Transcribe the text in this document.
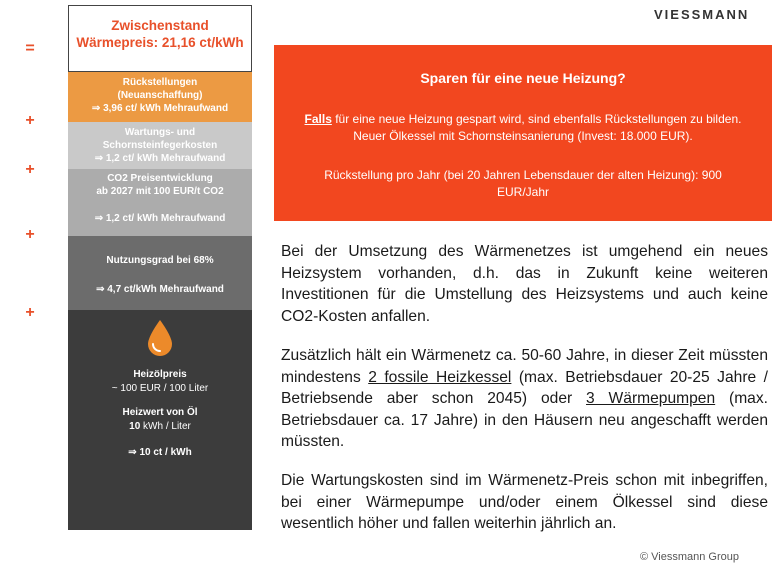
VIESSMANN
=
+
+
+
+
Zwischenstand
Wärmepreis: 21,16 ct/kWh
Rückstellungen
(Neuanschaffung)
⇒ 3,96 ct/ kWh Mehraufwand
Wartungs- und
Schornsteinfegerkosten
⇒ 1,2 ct/ kWh Mehraufwand
CO2 Preisentwicklung
ab 2027 mit 100 EUR/t CO2
⇒ 1,2 ct/ kWh Mehraufwand
Nutzungsgrad bei 68%
⇒ 4,7 ct/kWh Mehraufwand
Heizölpreis
~ 100 EUR / 100 Liter
Heizwert von Öl
10 kWh / Liter
⇒ 10 ct / kWh
Sparen für eine neue Heizung?
Falls für eine neue Heizung gespart wird, sind ebenfalls Rückstellungen zu bilden. Neuer Ölkessel mit Schornsteinsanierung (Invest: 18.000 EUR).
Rückstellung pro Jahr (bei 20 Jahren Lebensdauer der alten Heizung): 900 EUR/Jahr
Bei der Umsetzung des Wärmenetzes ist umgehend ein neues Heizsystem vorhanden, d.h. das in Zukunft keine weiteren Investitionen für die Umstellung des Heizsystems und auch keine CO2-Kosten anfallen.
Zusätzlich hält ein Wärmenetz ca. 50-60 Jahre, in dieser Zeit müssten mindestens 2 fossile Heizkessel (max. Betriebsdauer 20-25 Jahre / Betriebsende aber schon 2045) oder 3 Wärmepumpen (max. Betriebsdauer ca. 17 Jahre) in den Häusern neu angeschafft werden müssten.
Die Wartungskosten sind im Wärmenetz-Preis schon mit inbegriffen, bei einer Wärmepumpe und/oder einem Ölkessel sind diese wesentlich höher und fallen weiterhin jährlich an.
© Viessmann Group
